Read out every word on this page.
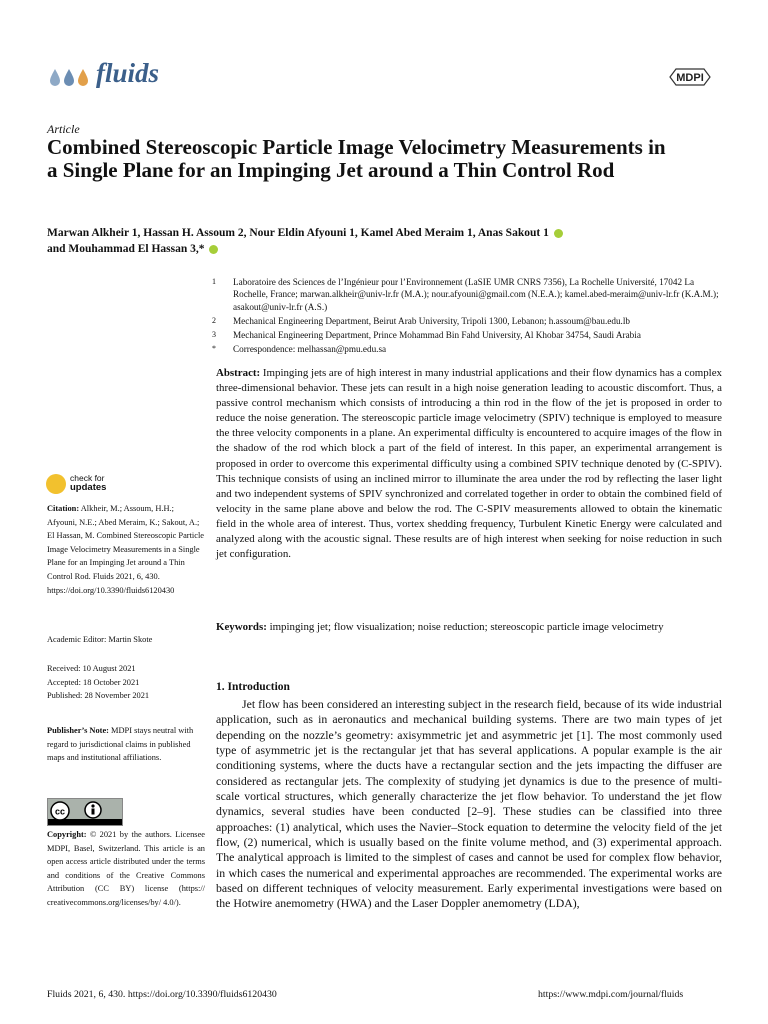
fluids	MDPI
Article
Combined Stereoscopic Particle Image Velocimetry Measurements in a Single Plane for an Impinging Jet around a Thin Control Rod
Marwan Alkheir 1, Hassan H. Assoum 2, Nour Eldin Afyouni 1, Kamel Abed Meraim 1, Anas Sakout 1
and Mouhammad El Hassan 3,*
1	Laboratoire des Sciences de l’Ingénieur pour l’Environnement (LaSIE UMR CNRS 7356), La Rochelle Université, 17042 La Rochelle, France; marwan.alkheir@univ-lr.fr (M.A.); nour.afyouni@gmail.com (N.E.A.); kamel.abed-meraim@univ-lr.fr (K.A.M.); asakout@univ-lr.fr (A.S.)
2	Mechanical Engineering Department, Beirut Arab University, Tripoli 1300, Lebanon; h.assoum@bau.edu.lb
3	Mechanical Engineering Department, Prince Mohammad Bin Fahd University, Al Khobar 34754, Saudi Arabia
*	Correspondence: melhassan@pmu.edu.sa
Abstract: Impinging jets are of high interest in many industrial applications and their flow dynamics has a complex three-dimensional behavior. These jets can result in a high noise generation leading to acoustic discomfort. Thus, a passive control mechanism which consists of introducing a thin rod in the flow of the jet is proposed in order to reduce the noise generation. The stereoscopic particle image velocimetry (SPIV) technique is employed to measure the three velocity components in a plane. An experimental difficulty is encountered to acquire images of the flow in the shadow of the rod which block a part of the field of interest. In this paper, an experimental arrangement is proposed in order to overcome this experimental difficulty using a combined SPIV technique denoted by (C-SPIV). This technique consists of using an inclined mirror to illuminate the area under the rod by reflecting the laser light and two independent systems of SPIV synchronized and correlated together in order to obtain the combined field of velocity in the same plane above and below the rod. The C-SPIV measurements allowed to obtain the kinematic field in the whole area of interest. Thus, vortex shedding frequency, Turbulent Kinetic Energy were calculated and analyzed along with the acoustic signal. These results are of high interest when seeking for noise reduction in such jet configuration.
Keywords: impinging jet; flow visualization; noise reduction; stereoscopic particle image velocimetry
check for
updates
Citation: Alkheir, M.; Assoum, H.H.; Afyouni, N.E.; Abed Meraim, K.; Sakout, A.; El Hassan, M. Combined Stereoscopic Particle Image Velocimetry Measurements in a Single Plane for an Impinging Jet around a Thin Control Rod. Fluids 2021, 6, 430. https://doi.org/10.3390/fluids6120430
Academic Editor: Martin Skote
Received: 10 August 2021
Accepted: 18 October 2021
Published: 28 November 2021
Publisher’s Note: MDPI stays neutral with regard to jurisdictional claims in published maps and institutional affiliations.
cc
Copyright: © 2021 by the authors. Licensee MDPI, Basel, Switzerland. This article is an open access article distributed under the terms and conditions of the Creative Commons Attribution (CC BY) license (https:// creativecommons.org/licenses/by/ 4.0/).
1. Introduction

Jet flow has been considered an interesting subject in the research field, because of its wide industrial application, such as in aeronautics and mechanical building systems. There are two main types of jet depending on the nozzle’s geometry: axisymmetric jet and asymmetric jet [1]. The most commonly used type of asymmetric jet is the rectangular jet that has several applications. A popular example is the air conditioning systems, where the ducts have a rectangular section and the jets impacting the diffuser are considered as rectangular jets. The complexity of studying jet dynamics is due to the presence of multi-scale vortical structures, which generally characterize the jet flow behavior. To understand the jet flow dynamics, several studies have been conducted [2–9]. These studies can be classified into three approaches: (1) analytical, which uses the Navier–Stock equation to determine the velocity field of the jet flow, (2) numerical, which is usually based on the finite volume method, and (3) experimental approach. The analytical approach is limited to the simplest of cases and cannot be used for complex flow behavior, in which cases the numerical and experimental approaches are recommended. The experimental works are based on different techniques of velocity measurement. Early experimental investigations were based on the Hotwire anemometry (HWA) and the Laser Doppler anemometry (LDA),

Fluids 2021, 6, 430. https://doi.org/10.3390/fluids6120430	https://www.mdpi.com/journal/fluids
